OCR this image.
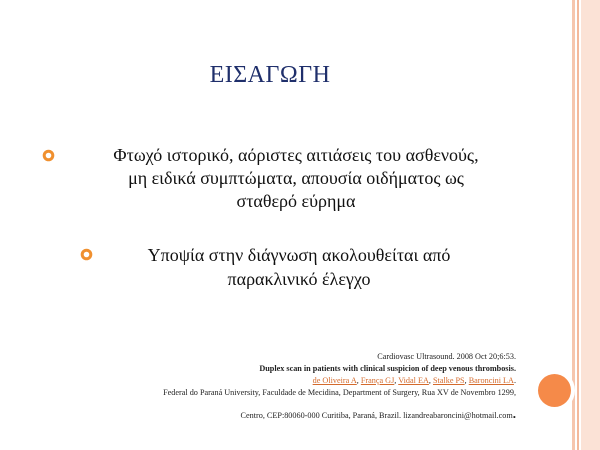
ΕΙΣΑΓΩΓΗ
Φτωχό ιστορικό, αόριστες αιτιάσεις του ασθενούς,
μη ειδικά συμπτώματα, απουσία οιδήματος ως
σταθερό εύρημα
Υποψία στην διάγνωση ακολουθείται από
παρακλινικό έλεγχο
Cardiovasc Ultrasound. 2008 Oct 20;6:53.
Duplex scan in patients with clinical suspicion of deep venous thrombosis.
de Oliveira A, França GJ, Vidal EA, Stalke PS, Baroncini LA.
Federal do Paraná University, Faculdade de Mecidina, Department of Surgery, Rua XV de Novembro 1299,
Centro, CEP:80060-000 Curitiba, Paraná, Brazil. lizandreabaroncini@hotmail.com.
